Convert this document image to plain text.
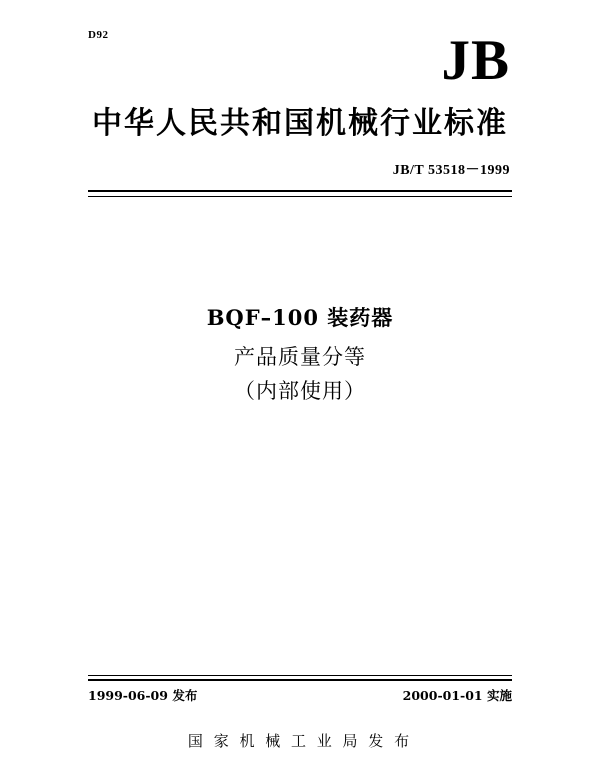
D92	JB
中华人民共和国机械行业标准
JB/T 53518－1999
BQF–100 装药器
产品质量分等
（内部使用）
1999-06-09 发布	2000-01-01 实施
国 家 机 械 工 业 局 发 布
